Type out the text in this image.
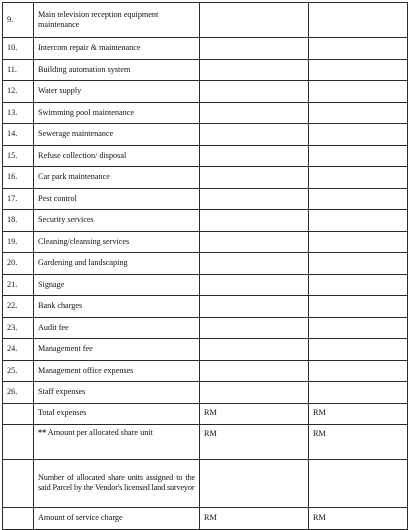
9.	Main television reception equipment maintenance		
10.	Intercom repair & maintenance		
11.	Building automation system		
12.	Water supply		
13.	Swimming pool maintenance		
14.	Sewerage maintenance		
15.	Refuse collection/ disposal		
16.	Car park maintenance		
17.	Pest control		
18.	Security services		
19.	Cleaning/cleansing services		
20.	Gardening and landscaping		
21.	Signage		
22.	Bank charges		
23.	Audit fee		
24.	Management fee		
25.	Management office expenses		
26.	Staff expenses		
	Total expenses	RM	RM
	** Amount per allocated share unit	RM	RM
	Number of allocated share units assigned to the said Parcel by the Vendor's licensed land surveyor		
	Amount of service charge	RM	RM
